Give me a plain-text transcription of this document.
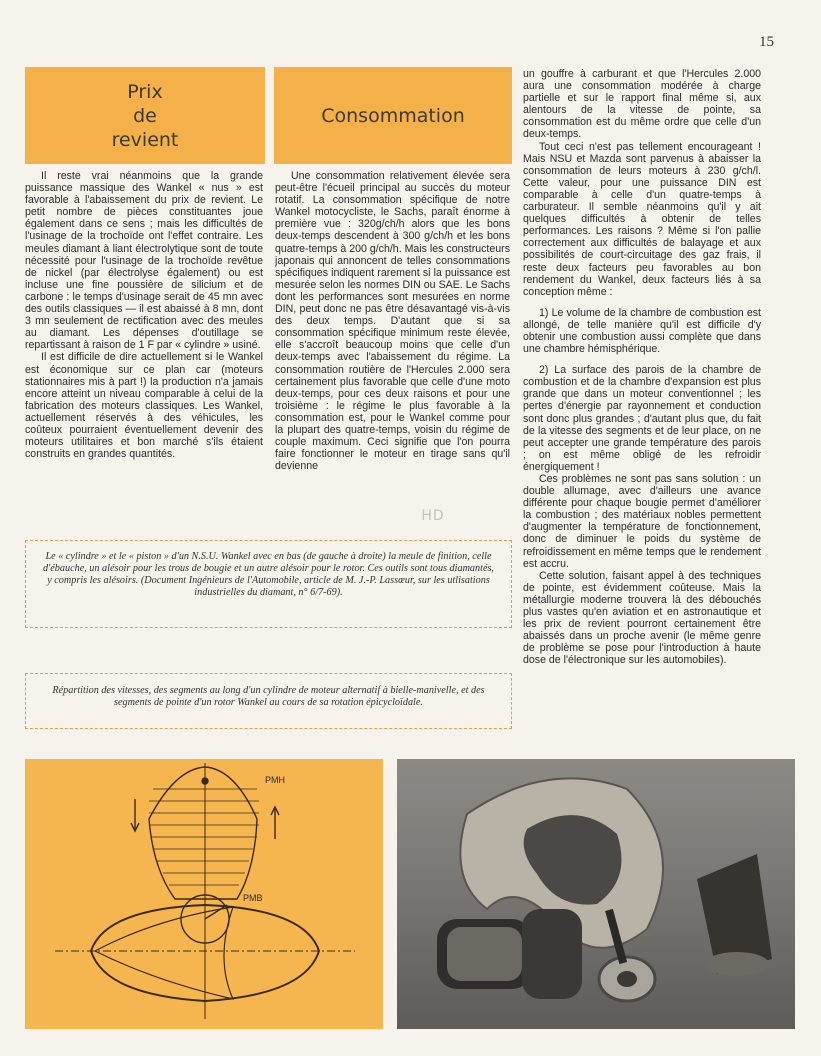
15
Prix
de
revient
Consommation

Il reste vrai néanmoins que la grande puissance massique des Wankel « nus » est favorable à l'abaissement du prix de revient. Le petit nombre de pièces constituantes joue également dans ce sens ; mais les difficultés de l'usinage de la trochoïde ont l'effet contraire. Les meules diamant à liant électrolytique sont de toute nécessité pour l'usinage de la trochoïde revêtue de nickel (par électrolyse également) ou est incluse une fine poussière de silicium et de carbone : le temps d'usinage serait de 45 mn avec des outils classiques — il est abaissé à 8 mn, dont 3 mn seulement de rectification avec des meules au diamant. Les dépenses d'outillage se repartissant à raison de 1 F par « cylindre » usiné.

Il est difficile de dire actuellement si le Wankel est économique sur ce plan car (moteurs stationnaires mis à part !) la production n'a jamais encore atteint un niveau comparable à celui de la fabrication des moteurs classiques. Les Wankel, actuellement réservés à des véhicules, les coûteux pourraient éventuellement devenir des moteurs utilitaires et bon marché s'ils étaient construits en grandes quantités.

Une consommation relativement élevée sera peut-être l'écueil principal au succès du moteur rotatif. La consommation spécifique de notre Wankel motocycliste, le Sachs, paraît énorme à première vue : 320g/ch/h alors que les bons deux-temps descendent à 300 g/ch/h et les bons quatre-temps à 200 g/ch/h. Mais les constructeurs japonais qui annoncent de telles consommations spécifiques indiquent rarement si la puissance est mesurée selon les normes DIN ou SAE. Le Sachs dont les performances sont mesurées en norme DIN, peut donc ne pas être désavantagé vis-à-vis des deux temps. D'autant que si sa consommation spécifique minimum reste élevée, elle s'accroît beaucoup moins que celle d'un deux-temps avec l'abaissement du régime. La consommation routière de l'Hercules 2.000 sera certainement plus favorable que celle d'une moto deux-temps, pour ces deux raisons et pour une troisième : le régime le plus favorable à la consommation est, pour le Wankel comme pour la plupart des quatre-temps, voisin du régime de couple maximum. Ceci signifie que l'on pourra faire fonctionner le moteur en tirage sans qu'il devienne

un gouffre à carburant et que l'Hercules 2.000 aura une consommation modérée à charge partielle et sur le rapport final même si, aux alentours de la vitesse de pointe, sa consommation est du même ordre que celle d'un deux-temps.

Tout ceci n'est pas tellement encourageant ! Mais NSU et Mazda sont parvenus à abaisser la consommation de leurs moteurs à 230 g/ch/l. Cette valeur, pour une puissance DIN est comparable à celle d'un quatre-temps à carburateur. Il semble néanmoins qu'il y ait quelques difficultés à obtenir de telles performances. Les raisons ? Même si l'on pallie correctement aux difficultés de balayage et aux possibilités de court-circuitage des gaz frais, il reste deux facteurs peu favorables au bon rendement du Wankel, deux facteurs liés à sa conception même :

1) Le volume de la chambre de combustion est allongé, de telle manière qu'il est difficile d'y obtenir une combustion aussi complète que dans une chambre hémisphérique.

2) La surface des parois de la chambre de combustion et de la chambre d'expansion est plus grande que dans un moteur conventionnel ; les pertes d'énergie par rayonnement et conduction sont donc plus grandes ; d'autant plus que, du fait de la vitesse des segments et de leur place, on ne peut accepter une grande température des parois ; on est même obligé de les refroidir énergiquement !

Ces problèmes ne sont pas sans solution : un double allumage, avec d'ailleurs une avance différente pour chaque bougie permet d'améliorer la combustion ; des matériaux nobles permettent d'augmenter la température de fonctionnement, donc de diminuer le poids du système de refroidissement en même temps que le rendement est accru.

Cette solution, faisant appel à des techniques de pointe, est évidemment coûteuse. Mais la métallurgie moderne trouvera là des débouchés plus vastes qu'en aviation et en astronautique et les prix de revient pourront certainement être abaissés dans un proche avenir (le même genre de problème se pose pour l'introduction à haute dose de l'électronique sur les automobiles).

HD
Le « cylindre » et le « piston » d'un N.S.U. Wankel avec en bas (de gauche à droite) la meule de finition, celle d'ébauche, un alésoir pour les trous de bougie et un autre alésoir pour le rotor. Ces outils sont tous diamantés, y compris les alésoirs. (Document Ingénieurs de l'Automobile, article de M. J.-P. Lassœur, sur les utlisations industrielles du diamant, n° 6/7-69).
Répartition des vitesses, des segments au long d'un cylindre de moteur alternatif à bielle-manivelle, et des segments de pointe d'un rotor Wankel au cours de sa rotation épicycloïdale.
PMH
PMB
